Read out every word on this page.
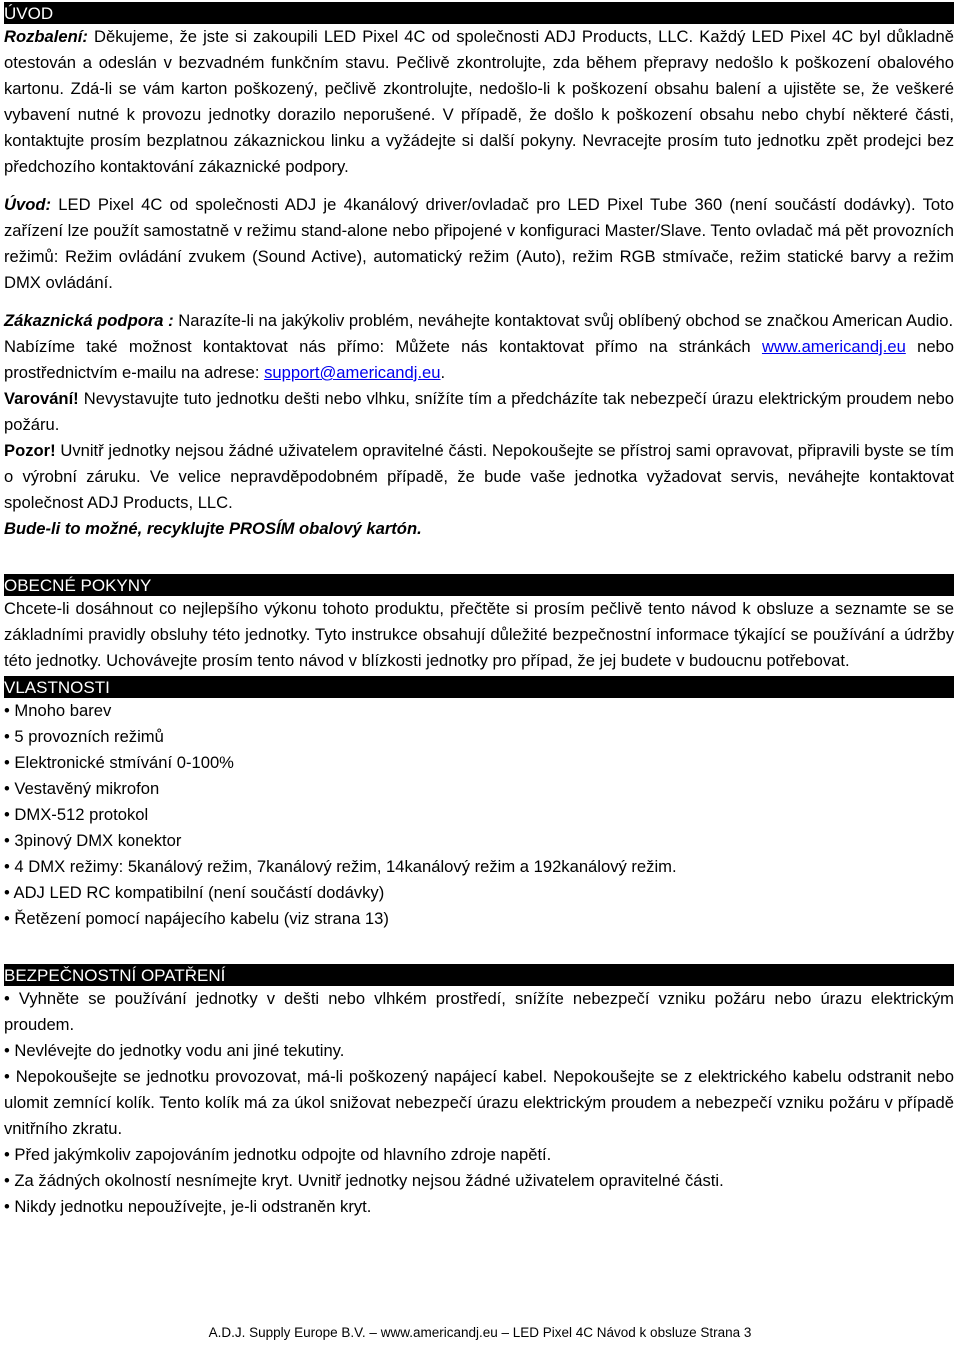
ÚVOD

Rozbalení: Děkujeme, že jste si zakoupili LED Pixel 4C od společnosti ADJ Products, LLC. Každý LED Pixel 4C byl důkladně otestován a odeslán v bezvadném funkčním stavu. Pečlivě zkontrolujte, zda během přepravy nedošlo k poškození obalového kartonu. Zdá-li se vám karton poškozený, pečlivě zkontrolujte, nedošlo-li k poškození obsahu balení a ujistěte se, že veškeré vybavení nutné k provozu jednotky dorazilo neporušené. V případě, že došlo k poškození obsahu nebo chybí některé části, kontaktujte prosím bezplatnou zákaznickou linku a vyžádejte si další pokyny. Nevracejte prosím tuto jednotku zpět prodejci bez předchozího kontaktování zákaznické podpory.

Úvod: LED Pixel 4C od společnosti ADJ je 4kanálový driver/ovladač pro LED Pixel Tube 360 (není součástí dodávky). Toto zařízení lze použít samostatně v režimu stand-alone nebo připojené v konfiguraci Master/Slave. Tento ovladač má pět provozních režimů: Režim ovládání zvukem (Sound Active), automatický režim (Auto), režim RGB stmívače, režim statické barvy a režim DMX ovládání.

Zákaznická podpora : Narazíte-li na jakýkoliv problém, neváhejte kontaktovat svůj oblíbený obchod se značkou American Audio.

Nabízíme také možnost kontaktovat nás přímo: Můžete nás kontaktovat přímo na stránkách www.americandj.eu nebo prostřednictvím e-mailu na adrese: support@americandj.eu.

Varování! Nevystavujte tuto jednotku dešti nebo vlhku, snížíte tím a předcházíte tak nebezpečí úrazu elektrickým proudem nebo požáru.

Pozor! Uvnitř jednotky nejsou žádné uživatelem opravitelné části. Nepokoušejte se přístroj sami opravovat, připravili byste se tím o výrobní záruku. Ve velice nepravděpodobném případě, že bude vaše jednotka vyžadovat servis, neváhejte kontaktovat společnost ADJ Products, LLC.

Bude-li to možné, recyklujte PROSÍM obalový kartón.

OBECNÉ POKYNY

Chcete-li dosáhnout co nejlepšího výkonu tohoto produktu, přečtěte si prosím pečlivě tento návod k obsluze a seznamte se se základními pravidly obsluhy této jednotky. Tyto instrukce obsahují důležité bezpečnostní informace týkající se používání a údržby této jednotky. Uchovávejte prosím tento návod v blízkosti jednotky pro případ, že jej budete v budoucnu potřebovat.

VLASTNOSTI
• Mnoho barev
• 5 provozních režimů
• Elektronické stmívání 0-100%
• Vestavěný mikrofon
• DMX-512 protokol
• 3pinový DMX konektor
• 4 DMX režimy: 5kanálový režim, 7kanálový režim, 14kanálový režim a 192kanálový režim.
• ADJ LED RC kompatibilní (není součástí dodávky)
• Řetězení pomocí napájecího kabelu (viz strana 13)
BEZPEČNOSTNÍ OPATŘENÍ
• Vyhněte se používání jednotky v dešti nebo vlhkém prostředí, snížíte nebezpečí vzniku požáru nebo úrazu elektrickým proudem.
• Nevlévejte do jednotky vodu ani jiné tekutiny.
• Nepokoušejte se jednotku provozovat, má-li poškozený napájecí kabel. Nepokoušejte se z elektrického kabelu odstranit nebo ulomit zemnící kolík. Tento kolík má za úkol snižovat nebezpečí úrazu elektrickým proudem a nebezpečí vzniku požáru v případě vnitřního zkratu.
• Před jakýmkoliv zapojováním jednotku odpojte od hlavního zdroje napětí.
• Za žádných okolností nesnímejte kryt. Uvnitř jednotky nejsou žádné uživatelem opravitelné části.
• Nikdy jednotku nepoužívejte, je-li odstraněn kryt.
A.D.J. Supply Europe B.V. – www.americandj.eu – LED Pixel 4C Návod k obsluze Strana 3
